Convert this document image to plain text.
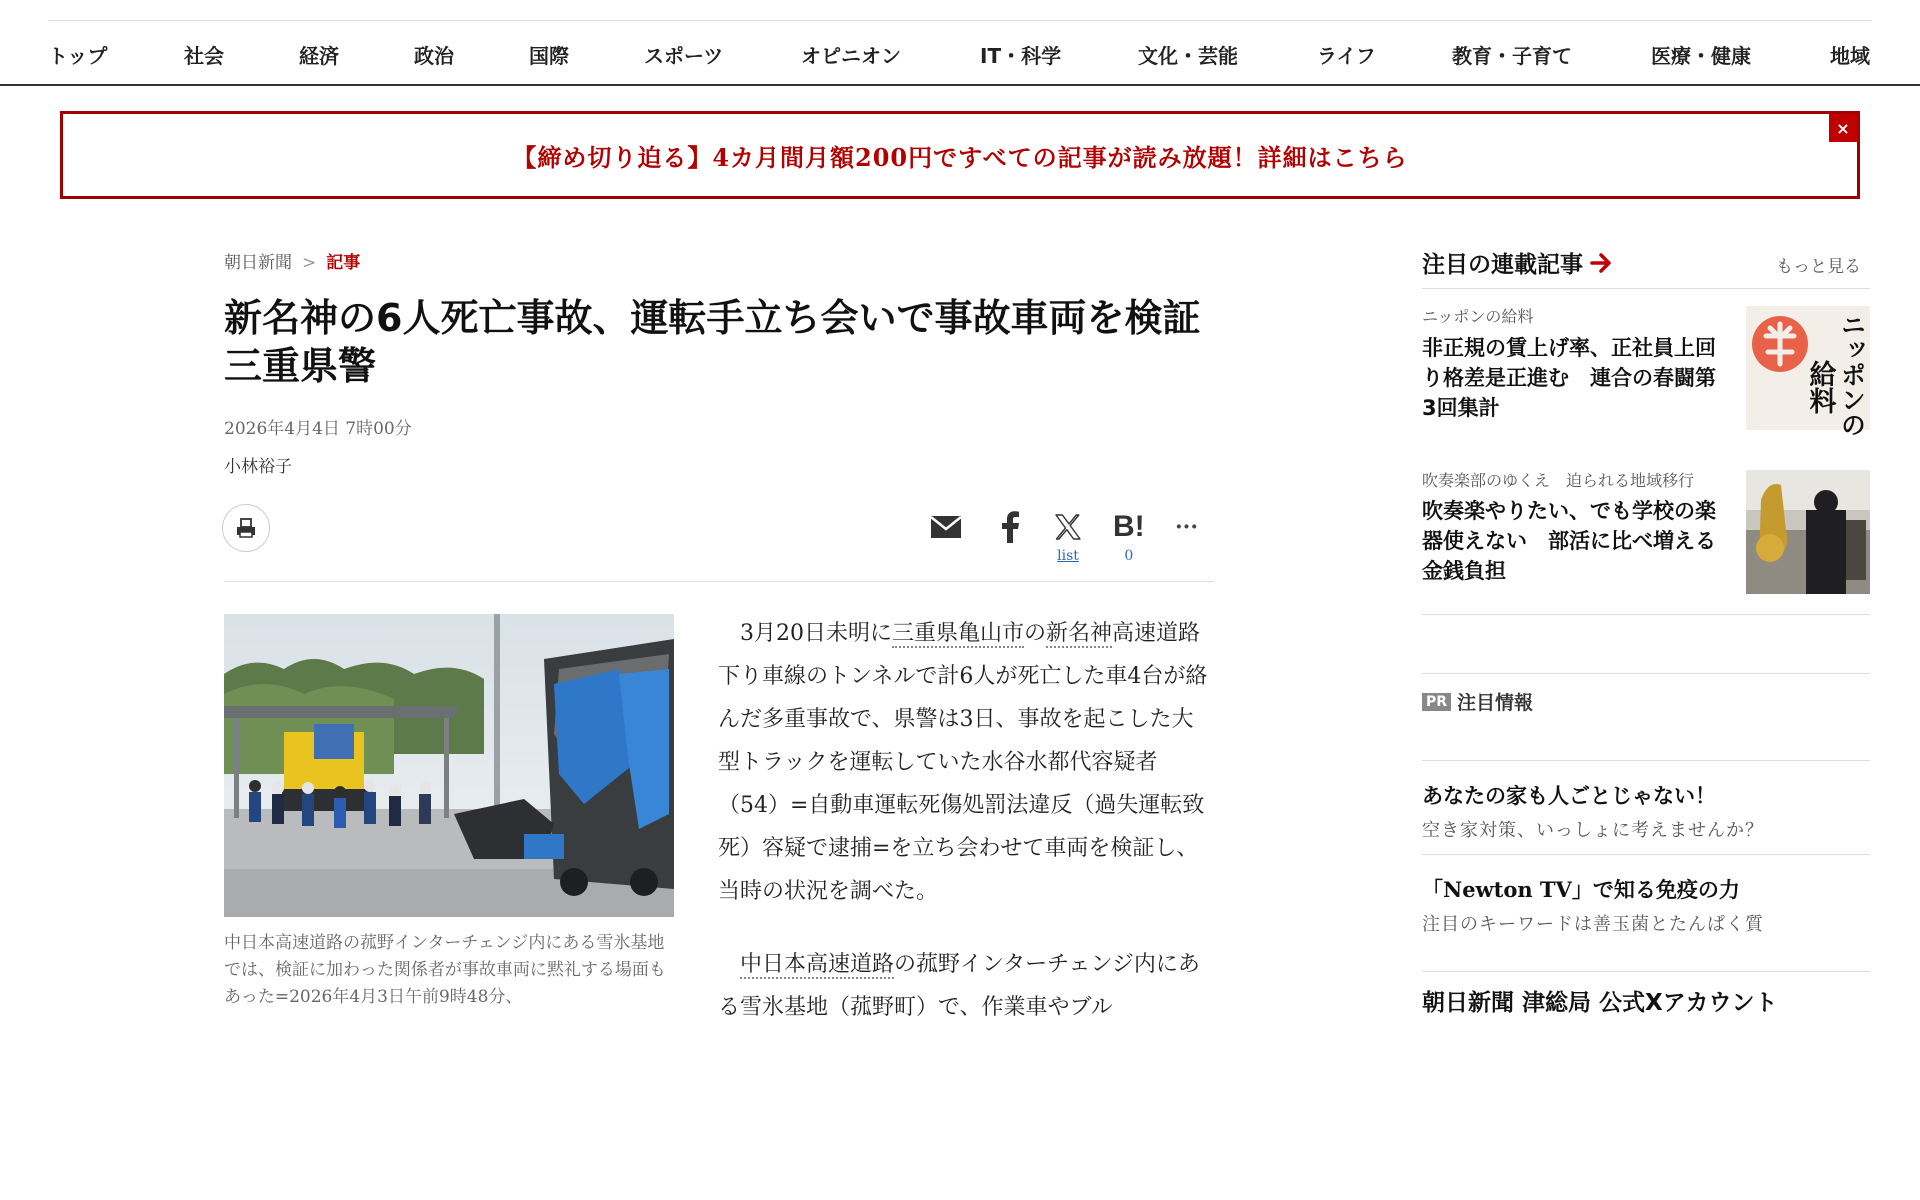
トップ	社会	経済	政治	国際	スポーツ	オピニオン	IT・科学	文化・芸能	ライフ	教育・子育て	医療・健康	地域
【締め切り迫る】4カ月間月額200円ですべての記事が読み放題！詳細はこちら
×
朝日新聞 > 記事
新名神の6人死亡事故、運転手立ち会いで事故車両を検証　三重県警
2026年4月4日 7時00分
小林裕子
list
B!
0
···
中日本高速道路の菰野インターチェンジ内にある雪氷基地では、検証に加わった関係者が事故車両に黙礼する場面もあった=2026年4月3日午前9時48分、

3月20日未明に三重県亀山市の新名神高速道路下り車線のトンネルで計6人が死亡した車4台が絡んだ多重事故で、県警は3日、事故を起こした大型トラックを運転していた水谷水都代容疑者（54）=自動車運転死傷処罰法違反（過失運転致死）容疑で逮捕=を立ち会わせて車両を検証し、当時の状況を調べた。

中日本高速道路の菰野インターチェンジ内にある雪氷基地（菰野町）で、作業車やブル

注目の連載記事	もっと見る
ニッポンの給料
非正規の賃上げ率、正社員上回り格差是正進む　連合の春闘第3回集計	ニッポンの
給料
吹奏楽部のゆくえ　迫られる地域移行
吹奏楽やりたい、でも学校の楽器使えない　部活に比べ増える金銭負担
PR 注目情報
あなたの家も人ごとじゃない！
空き家対策、いっしょに考えませんか？
「Newton TV」で知る免疫の力
注目のキーワードは善玉菌とたんぱく質
朝日新聞 津総局 公式Xアカウント
